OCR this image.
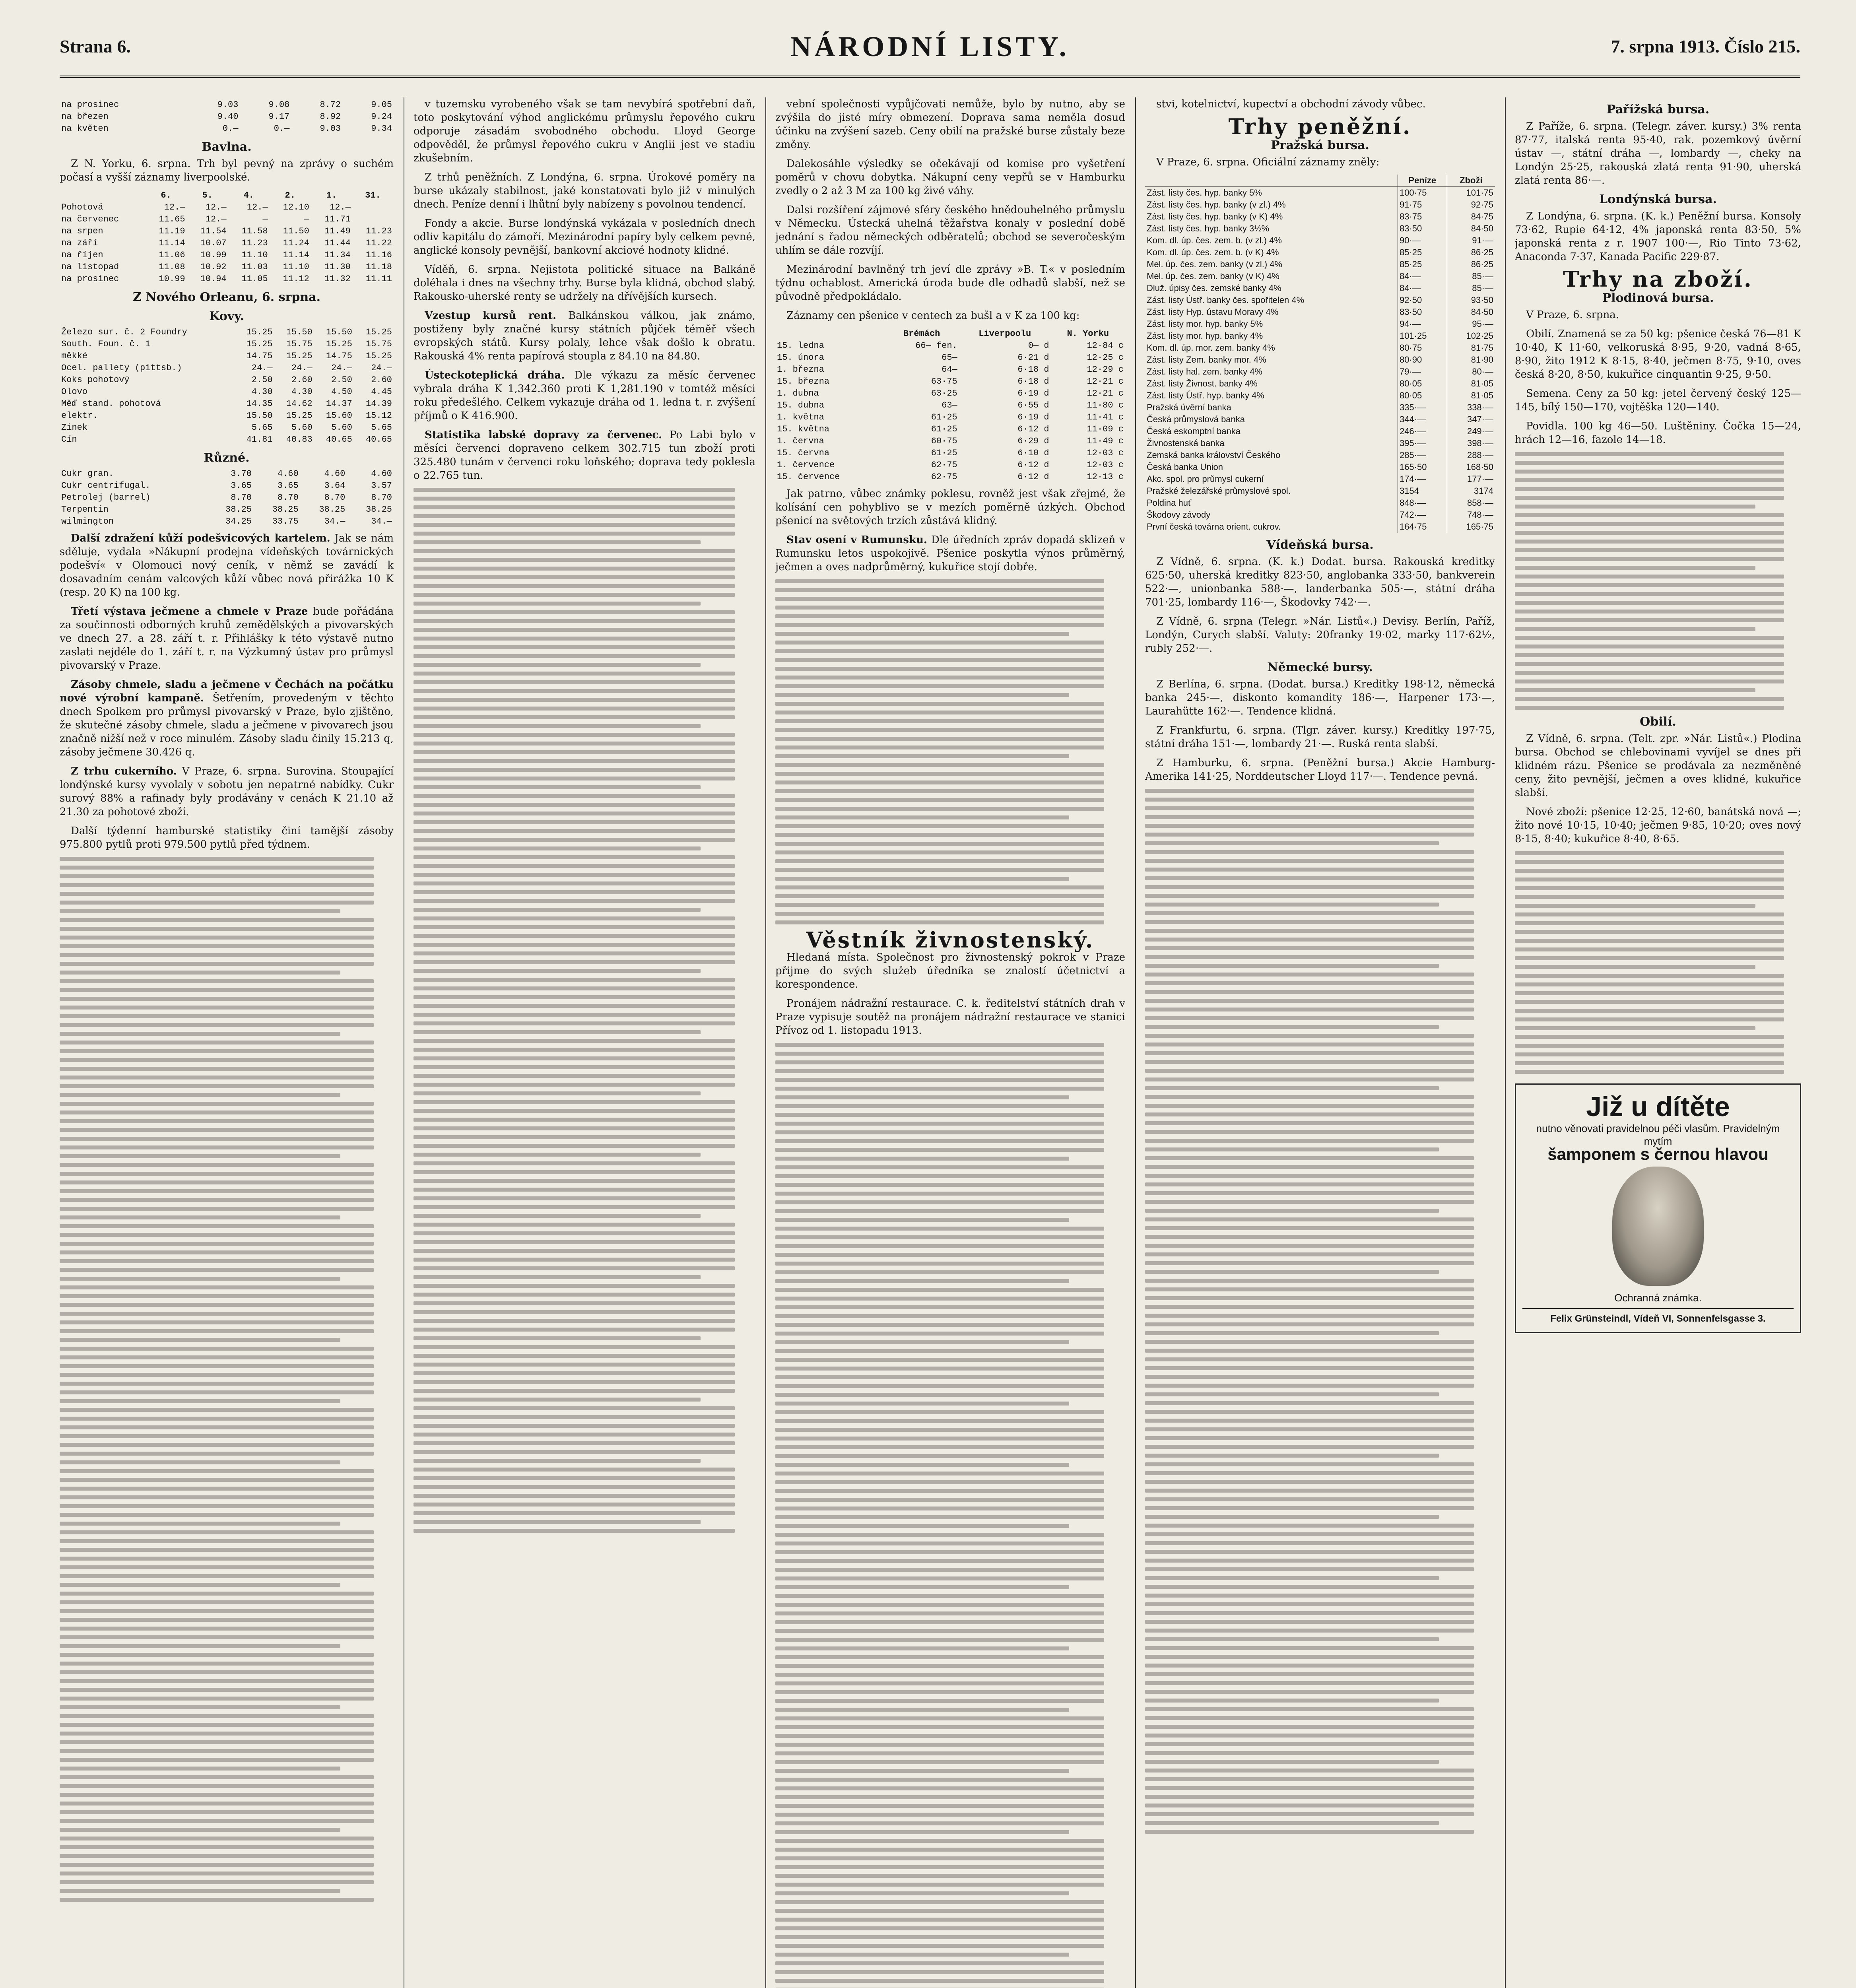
Strana 6.	NÁRODNÍ LISTY.	7. srpna 1913. Číslo 215.
na prosinec	9.03	9.08	8.72	9.05
na březen	9.40	9.17	8.92	9.24
na květen	0.—	0.—	9.03	9.34
Bavlna.

Z N. Yorku, 6. srpna. Trh byl pevný na zprávy o suchém počasí a vyšší záznamy liverpoolské.

	6.	5.	4.	2.	1.	31.
Pohotová	12.—	12.—	12.—	12.10	12.—	
na červenec	11.65	12.—	—	—	11.71	
na srpen	11.19	11.54	11.58	11.50	11.49	11.23
na září	11.14	10.07	11.23	11.24	11.44	11.22
na říjen	11.06	10.99	11.10	11.14	11.34	11.16
na listopad	11.08	10.92	11.03	11.10	11.30	11.18
na prosinec	10.99	10.94	11.05	11.12	11.32	11.11
Z Nového Orleanu, 6. srpna.
Kovy.
Železo sur. č. 2 Foundry	15.25	15.50	15.50	15.25
South. Foun. č. 1	15.25	15.75	15.25	15.75
měkké	14.75	15.25	14.75	15.25
Ocel. pallety (pittsb.)	24.—	24.—	24.—	24.—
Koks pohotový	2.50	2.60	2.50	2.60
Olovo	4.30	4.30	4.50	4.45
Měď stand. pohotová	14.35	14.62	14.37	14.39
elektr.	15.50	15.25	15.60	15.12
Zinek	5.65	5.60	5.60	5.65
Cín	41.81	40.83	40.65	40.65
Různé.
Cukr gran.	3.70	4.60	4.60	4.60
Cukr centrifugal.	3.65	3.65	3.64	3.57
Petrolej (barrel)	8.70	8.70	8.70	8.70
Terpentin	38.25	38.25	38.25	38.25
wilmington	34.25	33.75	34.—	34.—

Další zdražení kůží podešvicových kartelem. Jak se nám sděluje, vydala »Nákupní prodejna vídeňských továrnických podešví« v Olomouci nový ceník, v němž se zavádí k dosavadním cenám valcových kůží vůbec nová přirážka 10 K (resp. 20 K) na 100 kg.

Třetí výstava ječmene a chmele v Praze bude pořádána za součinnosti odborných kruhů zemědělských a pivovarských ve dnech 27. a 28. září t. r. Přihlášky k této výstavě nutno zaslati nejdéle do 1. září t. r. na Výzkumný ústav pro průmysl pivovarský v Praze.

Zásoby chmele, sladu a ječmene v Čechách na počátku nové výrobní kampaně. Šetřením, provedeným v těchto dnech Spolkem pro průmysl pivovarský v Praze, bylo zjištěno, že skutečné zásoby chmele, sladu a ječmene v pivovarech jsou značně nižší než v roce minulém. Zásoby sladu činily 15.213 q, zásoby ječmene 30.426 q.

Z trhu cukerního. V Praze, 6. srpna. Surovina. Stoupající londýnské kursy vyvolaly v sobotu jen nepatrné nabídky. Cukr surový 88% a rafinady byly prodávány v cenách K 21.10 až 21.30 za pohotové zboží.

Další týdenní hamburské statistiky činí tamější zásoby 975.800 pytlů proti 979.500 pytlů před týdnem.

v tuzemsku vyrobeného však se tam nevybírá spotřební daň, toto poskytování výhod anglickému průmyslu řepového cukru odporuje zásadám svobodného obchodu. Lloyd George odpověděl, že průmysl řepového cukru v Anglii jest ve stadiu zkušebním.

Z trhů peněžních. Z Londýna, 6. srpna. Úrokové poměry na burse ukázaly stabilnost, jaké konstatovati bylo již v minulých dnech. Peníze denní i lhůtní byly nabízeny s povolnou tendencí.

Fondy a akcie. Burse londýnská vykázala v posledních dnech odliv kapitálu do zámoří. Mezinárodní papíry byly celkem pevné, anglické konsoly pevnější, bankovní akciové hodnoty klidné.

Víděň, 6. srpna. Nejistota politické situace na Balkáně doléhala i dnes na všechny trhy. Burse byla klidná, obchod slabý. Rakousko-uherské renty se udržely na dřívějších kursech.

Vzestup kursů rent. Balkánskou válkou, jak známo, postiženy byly značné kursy státních půjček téměř všech evropských států. Kursy polaly, lehce však došlo k obratu. Rakouská 4% renta papírová stoupla z 84.10 na 84.80.

Ústeckoteplická dráha. Dle výkazu za měsíc červenec vybrala dráha K 1,342.360 proti K 1,281.190 v tomtéž měsíci roku předešlého. Celkem vykazuje dráha od 1. ledna t. r. zvýšení příjmů o K 416.900.

Statistika labské dopravy za červenec. Po Labi bylo v měsíci červenci dopraveno celkem 302.715 tun zboží proti 325.480 tunám v červenci roku loňského; doprava tedy poklesla o 22.765 tun.

vební společnosti vypůjčovati nemůže, bylo by nutno, aby se zvýšila do jisté míry obmezení. Doprava sama neměla dosud účinku na zvýšení sazeb. Ceny obilí na pražské burse zůstaly beze změny.

Dalekosáhle výsledky se očekávají od komise pro vyšetření poměrů v chovu dobytka. Nákupní ceny vepřů se v Hamburku zvedly o 2 až 3 M za 100 kg živé váhy.

Dalsi rozšíření zájmové sféry českého hnědouhelného průmyslu v Německu. Ústecká uhelná těžařstva konaly v poslední době jednání s řadou německých odběratelů; obchod se severočeským uhlím se dále rozvíjí.

Mezinárodní bavlněný trh jeví dle zprávy »B. T.« v posledním týdnu ochablost. Americká úroda bude dle odhadů slabší, než se původně předpokládalo.

Záznamy cen pšenice v centech za bušl a v K za 100 kg:

	Brémách	Liverpoolu	N. Yorku
15. ledna	66— fen.	0— d	12·84 c
15. února	65—	6·21 d	12·25 c
1. března	64—	6·18 d	12·29 c
15. března	63·75	6·18 d	12·21 c
1. dubna	63·25	6·19 d	12·21 c
15. dubna	63—	6·55 d	11·80 c
1. května	61·25	6·19 d	11·41 c
15. května	61·25	6·12 d	11·09 c
1. června	60·75	6·29 d	11·49 c
15. června	61·25	6·10 d	12·03 c
1. července	62·75	6·12 d	12·03 c
15. července	62·75	6·12 d	12·13 c

Jak patrno, vůbec známky poklesu, rovněž jest však zřejmé, že kolísání cen pohyblivo se v mezích poměrně úzkých. Obchod pšenicí na světových trzích zůstává klidný.

Stav osení v Rumunsku. Dle úředních zpráv dopadá sklizeň v Rumunsku letos uspokojivě. Pšenice poskytla výnos průměrný, ječmen a oves nadprůměrný, kukuřice stojí dobře.

Věstník živnostenský.

Hledaná místa. Společnost pro živnostenský pokrok v Praze přijme do svých služeb úředníka se znalostí účetnictví a korespondence.

Pronájem nádražní restaurace. C. k. ředitelství státních drah v Praze vypisuje soutěž na pronájem nádražní restaurace ve stanici Přívoz od 1. listopadu 1913.

stvi, kotelnictví, kupectví a obchodní závody vůbec.

Trhy peněžní.
Pražská bursa.

V Praze, 6. srpna. Oficiální záznamy zněly:

	Peníze	Zboží
Zást. listy čes. hyp. banky 5%	100·75	101·75
Zást. listy čes. hyp. banky (v zl.) 4%	91·75	92·75
Zást. listy čes. hyp. banky (v K) 4%	83·75	84·75
Zást. listy čes. hyp. banky 3½%	83·50	84·50
Kom. dl. úp. čes. zem. b. (v zl.) 4%	90·—	91·—
Kom. dl. úp. čes. zem. b. (v K) 4%	85·25	86·25
Mel. úp. čes. zem. banky (v zl.) 4%	85·25	86·25
Mel. úp. čes. zem. banky (v K) 4%	84·—	85·—
Dluž. úpisy čes. zemské banky 4%	84·—	85·—
Zást. listy Ústř. banky čes. spořitelen 4%	92·50	93·50
Zást. listy Hyp. ústavu Moravy 4%	83·50	84·50
Zást. listy mor. hyp. banky 5%	94·—	95·—
Zást. listy mor. hyp. banky 4%	101·25	102·25
Kom. dl. úp. mor. zem. banky 4%	80·75	81·75
Zást. listy Zem. banky mor. 4%	80·90	81·90
Zást. listy hal. zem. banky 4%	79·—	80·—
Zást. listy Živnost. banky 4%	80·05	81·05
Zást. listy Ústř. hyp. banky 4%	80·05	81·05
Pražská úvěrní banka	335·—	338·—
Česká průmyslová banka	344·—	347·—
Česká eskomptní banka	246·—	249·—
Živnostenská banka	395·—	398·—
Zemská banka království Českého	285·—	288·—
Česká banka Union	165·50	168·50
Akc. spol. pro průmysl cukerní	174·—	177·—
Pražské železářské průmyslové spol.	3154	3174
Poldina huť	848·—	858·—
Škodovy závody	742·—	748·—
První česká továrna orient. cukrov.	164·75	165·75
Vídeňská bursa.

Z Vídně, 6. srpna. (K. k.) Dodat. bursa. Rakouská kreditky 625·50, uherská kreditky 823·50, anglobanka 333·50, bankverein 522·—, unionbanka 588·—, landerbanka 505·—, státní dráha 701·25, lombardy 116·—, Škodovky 742·—.

Z Vídně, 6. srpna (Telegr. »Nár. Listů«.) Devisy. Berlín, Paříž, Londýn, Curych slabší. Valuty: 20franky 19·02, marky 117·62½, rubly 252·—.

Německé bursy.

Z Berlína, 6. srpna. (Dodat. bursa.) Kreditky 198·12, německá banka 245·—, diskonto komandity 186·—, Harpener 173·—, Laurahütte 162·—. Tendence klidná.

Z Frankfurtu, 6. srpna. (Tlgr. záver. kursy.) Kreditky 197·75, státní dráha 151·—, lombardy 21·—. Ruská renta slabší.

Z Hamburku, 6. srpna. (Peněžní bursa.) Akcie Hamburg-Amerika 141·25, Norddeutscher Lloyd 117·—. Tendence pevná.

Pařížská bursa.

Z Paříže, 6. srpna. (Telegr. záver. kursy.) 3% renta 87·77, italská renta 95·40, rak. pozemkový úvěrní ústav —, státní dráha —, lombardy —, cheky na Londýn 25·25, rakouská zlatá renta 91·90, uherská zlatá renta 86·—.

Londýnská bursa.

Z Londýna, 6. srpna. (K. k.) Peněžní bursa. Konsoly 73·62, Rupie 64·12, 4% japonská renta 83·50, 5% japonská renta z r. 1907 100·—, Rio Tinto 73·62, Anaconda 7·37, Kanada Pacific 229·87.

Trhy na zboží.
Plodinová bursa.

V Praze, 6. srpna.

Obilí. Znamená se za 50 kg: pšenice česká 76—81 K 10·40, K 11·60, velkoruská 8·95, 9·20, vadná 8·65, 8·90, žito 1912 K 8·15, 8·40, ječmen 8·75, 9·10, oves česká 8·20, 8·50, kukuřice cinquantin 9·25, 9·50.

Semena. Ceny za 50 kg: jetel červený český 125—145, bílý 150—170, vojtěška 120—140.

Povidla. 100 kg 46—50. Luštěniny. Čočka 15—24, hrách 12—16, fazole 14—18.

Obilí.

Z Vídně, 6. srpna. (Telt. zpr. »Nár. Listů«.) Plodina bursa. Obchod se chlebovinami vyvíjel se dnes při klidném rázu. Pšenice se prodávala za nezměněné ceny, žito pevnější, ječmen a oves klidné, kukuřice slabší.

Nové zboží: pšenice 12·25, 12·60, banátská nová —; žito nové 10·15, 10·40; ječmen 9·85, 10·20; oves nový 8·15, 8·40; kukuřice 8·40, 8·65.

Již u dítěte
nutno věnovati pravidelnou péči vlasům. Pravidelným mytím
šamponem s černou hlavou
Ochranná známka.
Felix Grünsteindl, Vídeň VI, Sonnenfelsgasse 3.
